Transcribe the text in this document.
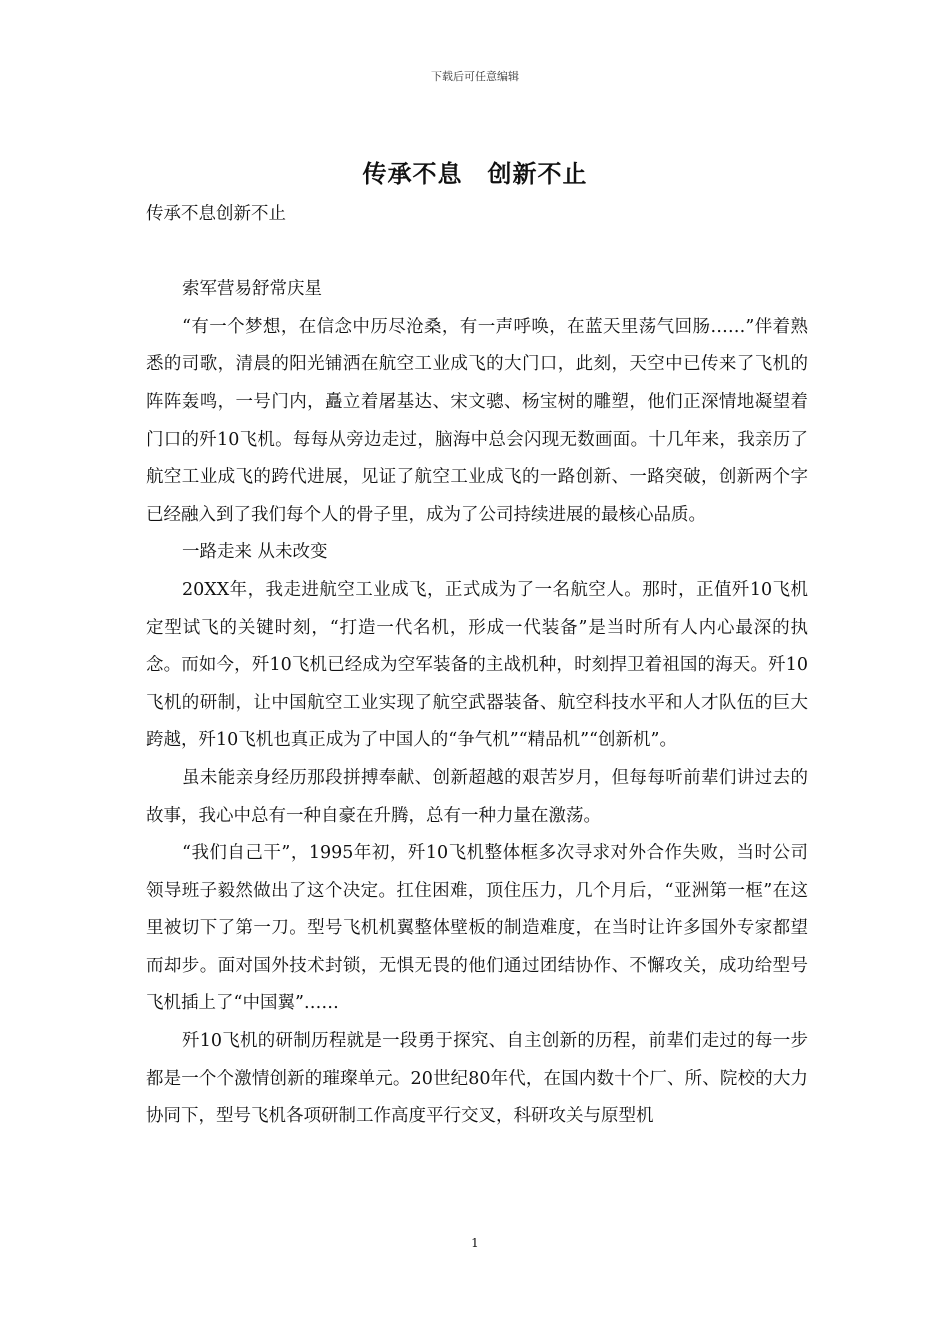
下载后可任意编辑
传承不息　创新不止

传承不息创新不止

索军营易舒常庆星

“有一个梦想，在信念中历尽沧桑，有一声呼唤，在蓝天里荡气回肠……”伴着熟悉的司歌，清晨的阳光铺洒在航空工业成飞的大门口，此刻，天空中已传来了飞机的阵阵轰鸣，一号门内，矗立着屠基达、宋文骢、杨宝树的雕塑，他们正深情地凝望着门口的歼10飞机。每每从旁边走过，脑海中总会闪现无数画面。十几年来，我亲历了航空工业成飞的跨代进展，见证了航空工业成飞的一路创新、一路突破，创新两个字已经融入到了我们每个人的骨子里，成为了公司持续进展的最核心品质。

一路走来 从未改变

20XX年，我走进航空工业成飞，正式成为了一名航空人。那时，正值歼10飞机定型试飞的关键时刻，“打造一代名机，形成一代装备”是当时所有人内心最深的执念。而如今，歼10飞机已经成为空军装备的主战机种，时刻捍卫着祖国的海天。歼10飞机的研制，让中国航空工业实现了航空武器装备、航空科技水平和人才队伍的巨大跨越，歼10飞机也真正成为了中国人的“争气机”“精品机”“创新机”。

虽未能亲身经历那段拼搏奉献、创新超越的艰苦岁月，但每每听前辈们讲过去的故事，我心中总有一种自豪在升腾，总有一种力量在激荡。

“我们自己干”，1995年初，歼10飞机整体框多次寻求对外合作失败，当时公司领导班子毅然做出了这个决定。扛住困难，顶住压力，几个月后，“亚洲第一框”在这里被切下了第一刀。型号飞机机翼整体壁板的制造难度，在当时让许多国外专家都望而却步。面对国外技术封锁，无惧无畏的他们通过团结协作、不懈攻关，成功给型号飞机插上了“中国翼”……

歼10飞机的研制历程就是一段勇于探究、自主创新的历程，前辈们走过的每一步都是一个个激情创新的璀璨单元。20世纪80年代，在国内数十个厂、所、院校的大力协同下，型号飞机各项研制工作高度平行交叉，科研攻关与原型机

1
